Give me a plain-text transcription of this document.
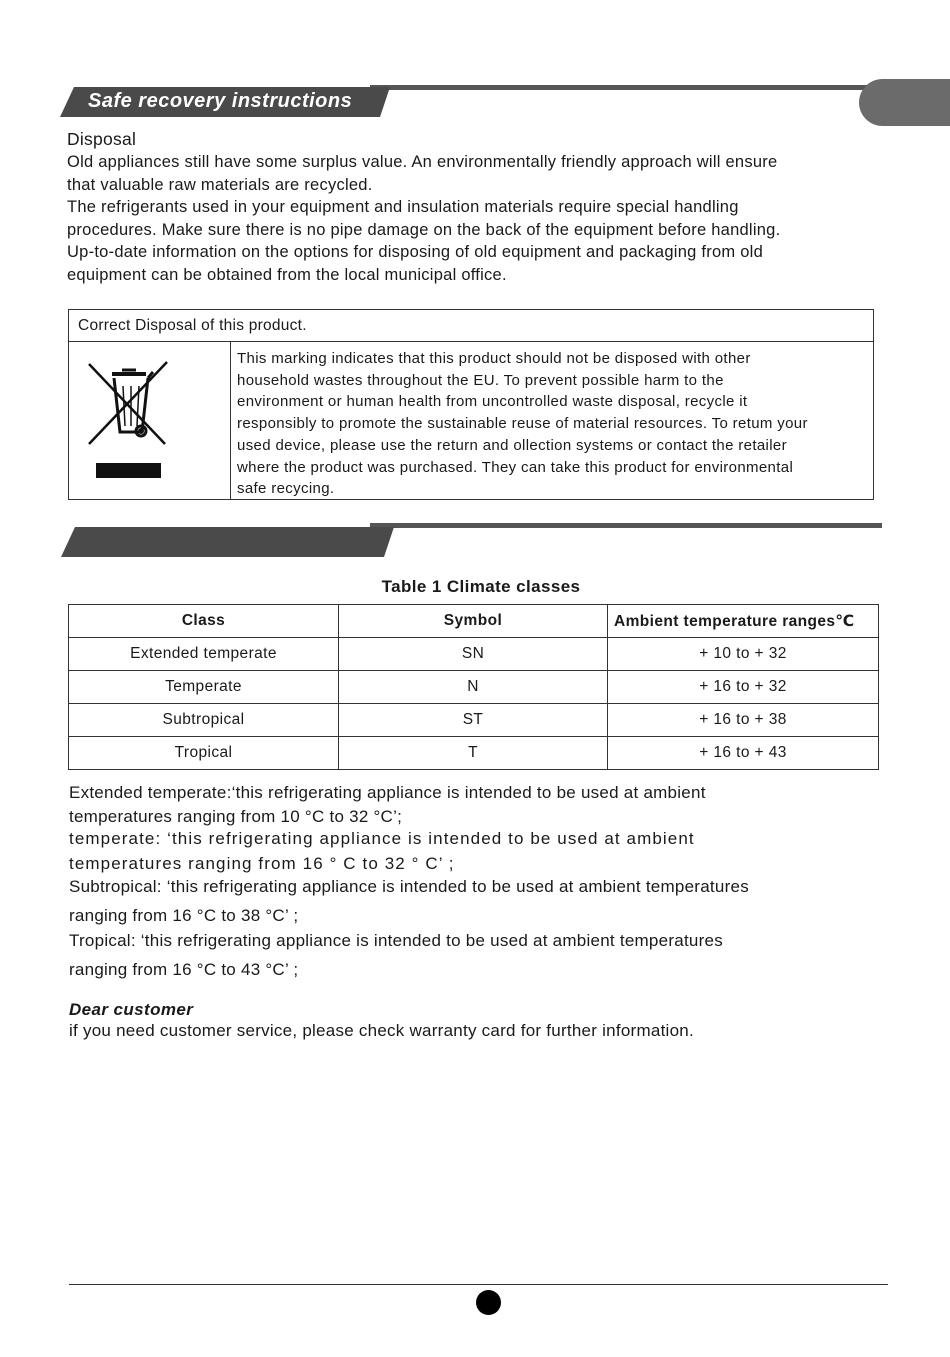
Safe recovery instructions

Disposal

Old appliances still have some surplus value. An environmentally friendly approach will ensure
that valuable raw materials are recycled.

The refrigerants used in your equipment and insulation materials require special handling
procedures. Make sure there is no pipe damage on the back of the equipment before handling.

Up-to-date information on the options for disposing of old equipment and packaging from old
equipment can be obtained from the local municipal office.

Correct Disposal of this product.
This marking indicates that this product should not be disposed with other
household wastes throughout the EU. To prevent possible harm to the
environment or human health from uncontrolled waste disposal, recycle it
responsibly to promote the sustainable reuse of material resources. To retum your
used device, please use the return and ollection systems or contact the retailer
where the product was purchased. They can take this product for environmental
safe recycing.
Table 1 Climate classes
Class	Symbol	Ambient temperature ranges℃
Extended temperate	SN	+ 10 to + 32
Temperate	N	+ 16 to + 32
Subtropical	ST	+ 16 to + 38
Tropical	T	+ 16 to + 43
Extended temperate:‘this refrigerating appliance is intended to be used at ambient
temperatures ranging from 10 °C to 32 °C’;
temperate: ‘this refrigerating appliance is intended to be used at ambient
temperatures ranging from 16 ° C to 32 ° C’ ;
Subtropical: ‘this refrigerating appliance is intended to be used at ambient temperatures
ranging from 16 °C to 38 °C’ ;
Tropical: ‘this refrigerating appliance is intended to be used at ambient temperatures
ranging from 16 °C to 43 °C’ ;
Dear customer
if you need customer service, please check warranty card for further information.
